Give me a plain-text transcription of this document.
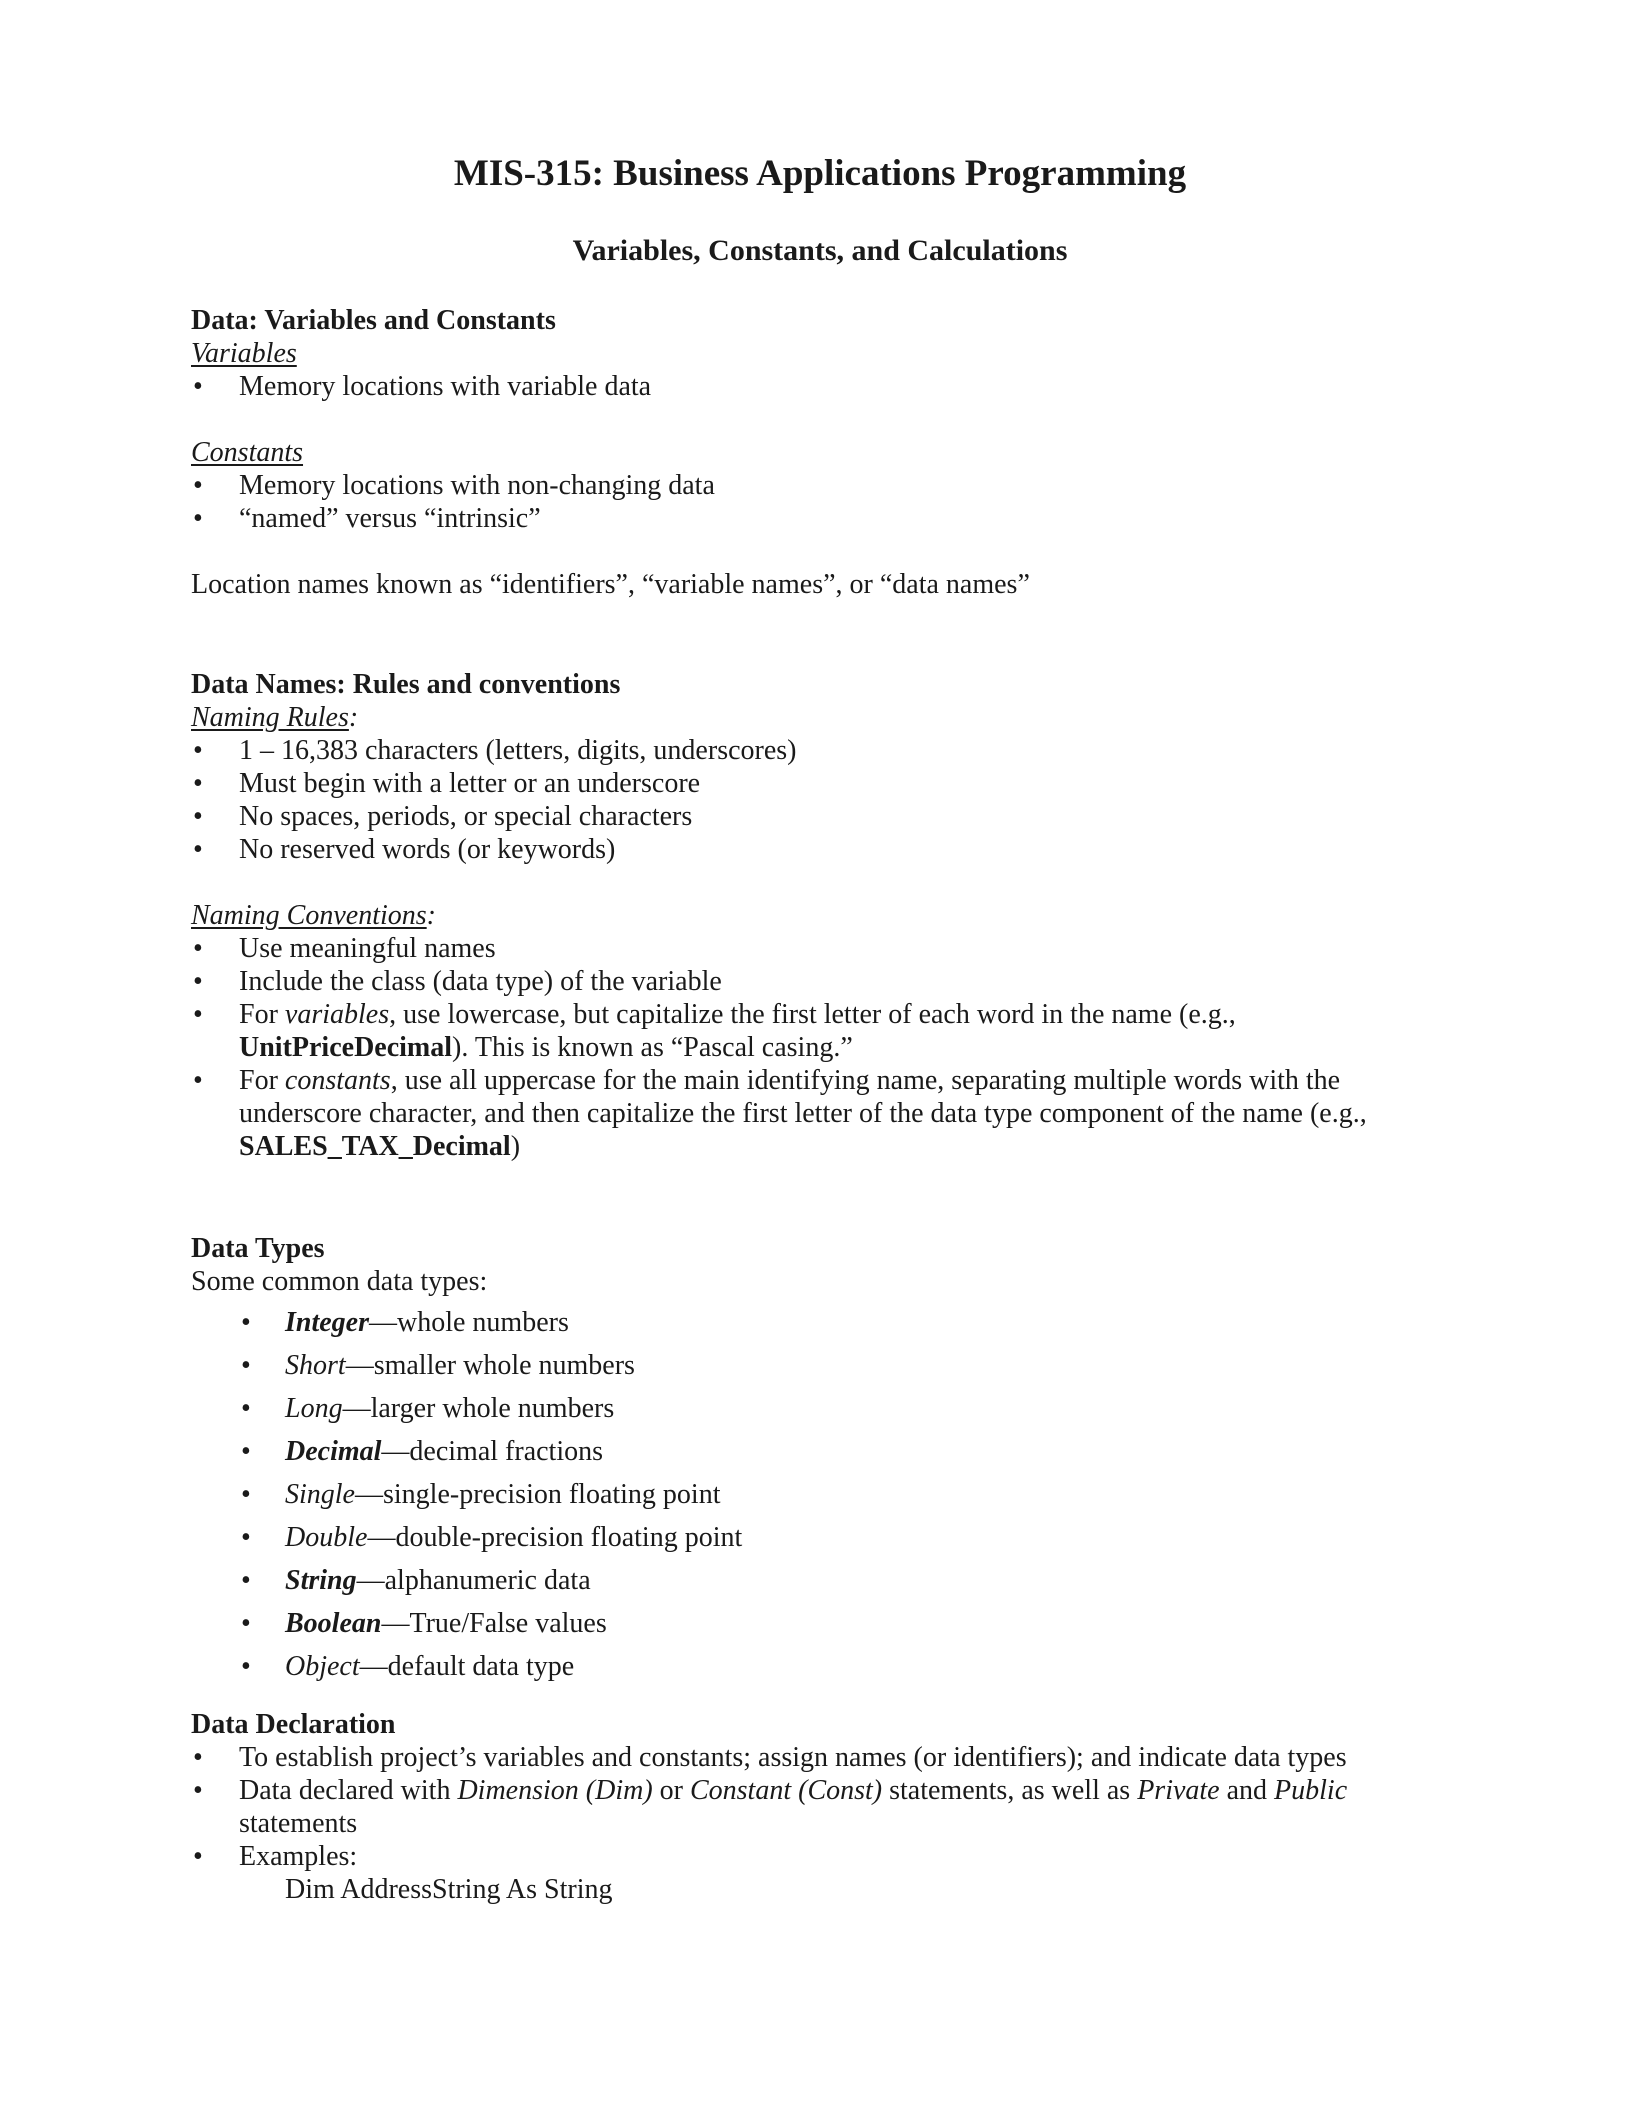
MIS-315: Business Applications Programming
Variables, Constants, and Calculations
Data: Variables and Constants
Variables
• Memory locations with variable data
Constants
• Memory locations with non-changing data
• “named” versus “intrinsic”
Location names known as “identifiers”, “variable names”, or “data names”
Data Names: Rules and conventions
Naming Rules:
• 1 – 16,383 characters (letters, digits, underscores)
• Must begin with a letter or an underscore
• No spaces, periods, or special characters
• No reserved words (or keywords)
Naming Conventions:
• Use meaningful names
• Include the class (data type) of the variable
• For variables, use lowercase, but capitalize the first letter of each word in the name (e.g., UnitPriceDecimal). This is known as “Pascal casing.”
• For constants, use all uppercase for the main identifying name, separating multiple words with the underscore character, and then capitalize the first letter of the data type component of the name (e.g., SALES_TAX_Decimal)
Data Types
Some common data types:
• Integer—whole numbers
• Short—smaller whole numbers
• Long—larger whole numbers
• Decimal—decimal fractions
• Single—single-precision floating point
• Double—double-precision floating point
• String—alphanumeric data
• Boolean—True/False values
• Object—default data type
Data Declaration
• To establish project’s variables and constants; assign names (or identifiers); and indicate data types
• Data declared with Dimension (Dim) or Constant (Const) statements, as well as Private and Public statements
• Examples:
Dim AddressString As String
